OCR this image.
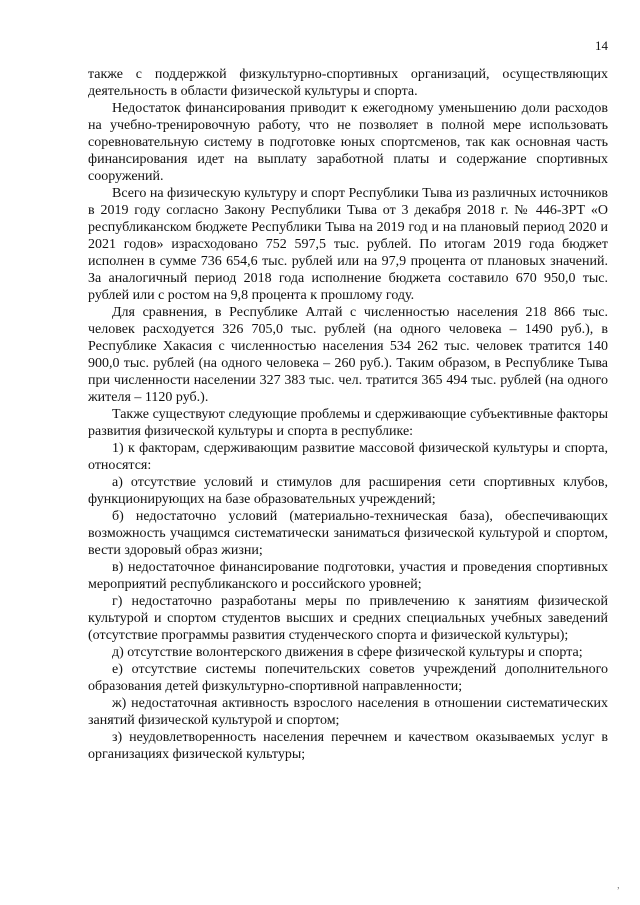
14

также с поддержкой физкультурно-спортивных организаций, осуществляющих деятельность в области физической культуры и спорта.

Недостаток финансирования приводит к ежегодному уменьшению доли расходов на учебно-тренировочную работу, что не позволяет в полной мере использовать соревновательную систему в подготовке юных спортсменов, так как основная часть финансирования идет на выплату заработной платы и содержание спортивных сооружений.

Всего на физическую культуру и спорт Республики Тыва из различных источников в 2019 году согласно Закону Республики Тыва от 3 декабря 2018 г. № 446-ЗРТ «О республиканском бюджете Республики Тыва на 2019 год и на плановый период 2020 и 2021 годов» израсходовано 752 597,5 тыс. рублей. По итогам 2019 года бюджет исполнен в сумме 736 654,6 тыс. рублей или на 97,9 процента от плановых значений. За аналогичный период 2018 года исполнение бюджета составило 670 950,0 тыс. рублей или с ростом на 9,8 процента к прошлому году.

Для сравнения, в Республике Алтай с численностью населения 218 866 тыс. человек расходуется 326 705,0 тыс. рублей (на одного человека – 1490 руб.), в Республике Хакасия с численностью населения 534 262 тыс. человек тратится 140 900,0 тыс. рублей (на одного человека – 260 руб.). Таким образом, в Республике Тыва при численности населении 327 383 тыс. чел. тратится 365 494 тыс. рублей (на одного жителя – 1120 руб.).

Также существуют следующие проблемы и сдерживающие субъективные факторы развития физической культуры и спорта в республике:

1) к факторам, сдерживающим развитие массовой физической культуры и спорта, относятся:

а) отсутствие условий и стимулов для расширения сети спортивных клубов, функционирующих на базе образовательных учреждений;

б) недостаточно условий (материально-техническая база), обеспечивающих возможность учащимся систематически заниматься физической культурой и спортом, вести здоровый образ жизни;

в) недостаточное финансирование подготовки, участия и проведения спортивных мероприятий республиканского и российского уровней;

г) недостаточно разработаны меры по привлечению к занятиям физической культурой и спортом студентов высших и средних специальных учебных заведений (отсутствие программы развития студенческого спорта и физической культуры);

д) отсутствие волонтерского движения в сфере физической культуры и спорта;

е) отсутствие системы попечительских советов учреждений дополнительного образования детей физкультурно-спортивной направленности;

ж) недостаточная активность взрослого населения в отношении систематических занятий физической культурой и спортом;

з) неудовлетворенность населения перечнем и качеством оказываемых услуг в организациях физической культуры;

’
